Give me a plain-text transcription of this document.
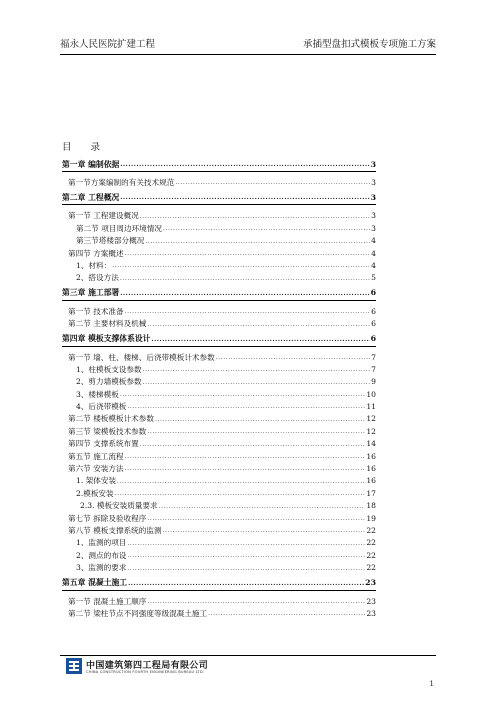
福永人民医院扩建工程	承插型盘扣式模板专项施工方案
目 录
第一章 编制依据 .....	3
第一节方案编制的有关技术规范 .....	3
第二章 工程概况 .....	3
第一节 工程建设概况 .....	3
第二节 项目周边环境情况 .....	3
第三节塔楼部分概况 .....	4
第四节 方案概述 .....	4
1、材料： .....	4
2、搭设方法 .....	5
第三章 施工部署 .....	6
第一节 技术准备 .....	6
第二节 主要材料及机械 .....	6
第四章 模板支撑体系设计 .....	6
第一节 墙、柱、楼梯、后浇带模板计术参数 .....	7
1、柱模板支设参数 .....	7
2、剪力墙模板参数 .....	9
3、楼梯模板 .....	10
4、后浇带模板 .....	11
第二节 楼板模板计术参数 .....	12
第三节 梁模板技术参数 .....	12
第四节 支撑系统布置 .....	14
第五节 施工流程 .....	16
第六节 安装方法 .....	16
1. 架体安装 .....	16
2.模板安装 .....	17
2.3. 模板安装质量要求 .....	18
第七节 拆除及验收程序 .....	19
第八节 模板支撑系统的监测 .....	22
1、监测的项目 .....	22
2、测点的布设 .....	22
3、监测的要求 .....	22
第五章 混凝土施工 .....	23
第一节 混凝土施工顺序 .....	23
第二节 梁柱节点不同强度等级混凝土施工 .....	23
中国建筑第四工程局有限公司
CHINA CONSTRUCTION FOURTH ENGINEERING BUREAU LTD.
1
